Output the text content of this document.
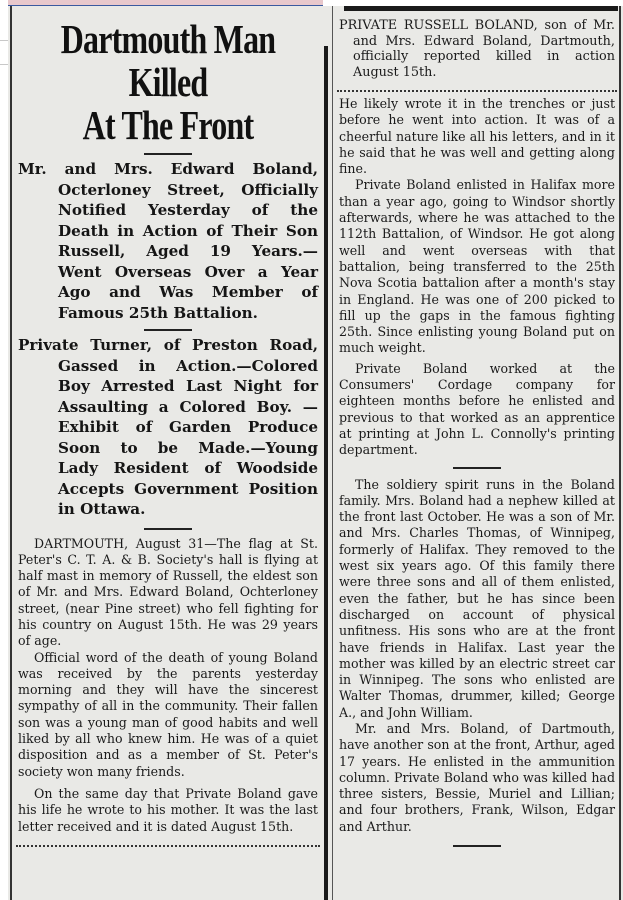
Dartmouth Man Killed
At The Front
Mr. and Mrs. Edward Boland, Octerloney Street, Officially Notified Yesterday of the Death in Action of Their Son Russell, Aged 19 Years.— Went Overseas Over a Year Ago and Was Member of Famous 25th Battalion.
Private Turner, of Preston Road, Gassed in Action.—Colored Boy Arrested Last Night for Assaulting a Colored Boy. —Exhibit of Garden Produce Soon to be Made.—Young Lady Resident of Woodside Accepts Government Position in Ottawa.

DARTMOUTH, August 31—The flag at St. Peter's C. T. A. & B. Society's hall is flying at half mast in memory of Russell, the eldest son of Mr. and Mrs. Edward Boland, Ochterloney street, (near Pine street) who fell fighting for his country on August 15th. He was 29 years of age.

Official word of the death of young Boland was received by the parents yesterday morning and they will have the sincerest sympathy of all in the community. Their fallen son was a young man of good habits and well liked by all who knew him. He was of a quiet disposition and as a member of St. Peter's society won many friends.

On the same day that Private Boland gave his life he wrote to his mother. It was the last letter received and it is dated August 15th.

PRIVATE RUSSELL BOLAND, son of Mr. and Mrs. Edward Boland, Dartmouth, officially reported killed in action August 15th.

He likely wrote it in the trenches or just before he went into action. It was of a cheerful nature like all his letters, and in it he said that he was well and getting along fine.

Private Boland enlisted in Halifax more than a year ago, going to Windsor shortly afterwards, where he was attached to the 112th Battalion, of Windsor. He got along well and went overseas with that battalion, being transferred to the 25th Nova Scotia battalion after a month's stay in England. He was one of 200 picked to fill up the gaps in the famous fighting 25th. Since enlisting young Boland put on much weight.

Private Boland worked at the Consumers' Cordage company for eighteen months before he enlisted and previous to that worked as an apprentice at printing at John L. Connolly's printing department.

The soldiery spirit runs in the Boland family. Mrs. Boland had a nephew killed at the front last October. He was a son of Mr. and Mrs. Charles Thomas, of Winnipeg, formerly of Halifax. They removed to the west six years ago. Of this family there were three sons and all of them enlisted, even the father, but he has since been discharged on account of physical unfitness. His sons who are at the front have friends in Halifax. Last year the mother was killed by an electric street car in Winnipeg. The sons who enlisted are Walter Thomas, drummer, killed; George A., and John William.

Mr. and Mrs. Boland, of Dartmouth, have another son at the front, Arthur, aged 17 years. He enlisted in the ammunition column. Private Boland who was killed had three sisters, Bessie, Muriel and Lillian; and four brothers, Frank, Wilson, Edgar and Arthur.
